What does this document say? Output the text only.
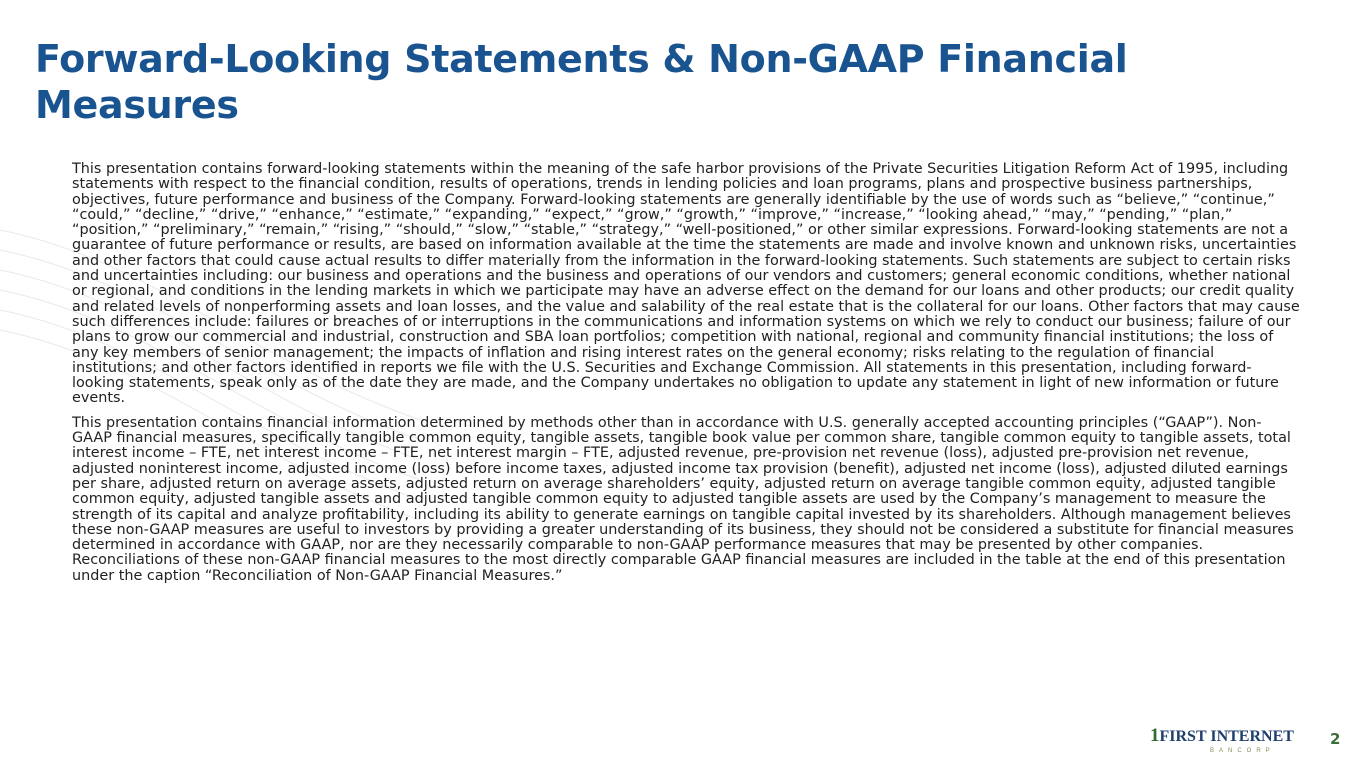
Forward-Looking Statements & Non-GAAP Financial Measures

This presentation contains forward-looking statements within the meaning of the safe harbor provisions of the Private Securities Litigation Reform Act of 1995, including statements with respect to the financial condition, results of operations, trends in lending policies and loan programs, plans and prospective business partnerships, objectives, future performance and business of the Company. Forward-looking statements are generally identifiable by the use of words such as “believe,” “continue,” “could,” “decline,” “drive,” “enhance,” “estimate,” “expanding,” “expect,” “grow,” “growth,” “improve,” “increase,” “looking ahead,” “may,” “pending,” “plan,” “position,” “preliminary,” “remain,” “rising,” “should,” “slow,” “stable,” “strategy,” “well-positioned,” or other similar expressions. Forward-looking statements are not a guarantee of future performance or results, are based on information available at the time the statements are made and involve known and unknown risks, uncertainties and other factors that could cause actual results to differ materially from the information in the forward-looking statements. Such statements are subject to certain risks and uncertainties including: our business and operations and the business and operations of our vendors and customers; general economic conditions, whether national or regional, and conditions in the lending markets in which we participate may have an adverse effect on the demand for our loans and other products; our credit quality and related levels of nonperforming assets and loan losses, and the value and salability of the real estate that is the collateral for our loans. Other factors that may cause such differences include: failures or breaches of or interruptions in the communications and information systems on which we rely to conduct our business; failure of our plans to grow our commercial and industrial, construction and SBA loan portfolios; competition with national, regional and community financial institutions; the loss of any key members of senior management; the impacts of inflation and rising interest rates on the general economy; risks relating to the regulation of financial institutions; and other factors identified in reports we file with the U.S. Securities and Exchange Commission. All statements in this presentation, including forward-looking statements, speak only as of the date they are made, and the Company undertakes no obligation to update any statement in light of new information or future events.

This presentation contains financial information determined by methods other than in accordance with U.S. generally accepted accounting principles (“GAAP”). Non-GAAP financial measures, specifically tangible common equity, tangible assets, tangible book value per common share, tangible common equity to tangible assets, total interest income – FTE, net interest income – FTE, net interest margin – FTE, adjusted revenue, pre-provision net revenue (loss), adjusted pre-provision net revenue, adjusted noninterest income, adjusted income (loss) before income taxes, adjusted income tax provision (benefit), adjusted net income (loss), adjusted diluted earnings per share, adjusted return on average assets, adjusted return on average shareholders’ equity, adjusted return on average tangible common equity, adjusted tangible common equity, adjusted tangible assets and adjusted tangible common equity to adjusted tangible assets are used by the Company’s management to measure the strength of its capital and analyze profitability, including its ability to generate earnings on tangible capital invested by its shareholders. Although management believes these non-GAAP measures are useful to investors by providing a greater understanding of its business, they should not be considered a substitute for financial measures determined in accordance with GAAP, nor are they necessarily comparable to non-GAAP performance measures that may be presented by other companies. Reconciliations of these non-GAAP financial measures to the most directly comparable GAAP financial measures are included in the table at the end of this presentation under the caption “Reconciliation of Non-GAAP Financial Measures.”

1FIRST INTERNET
BANCORP
2
